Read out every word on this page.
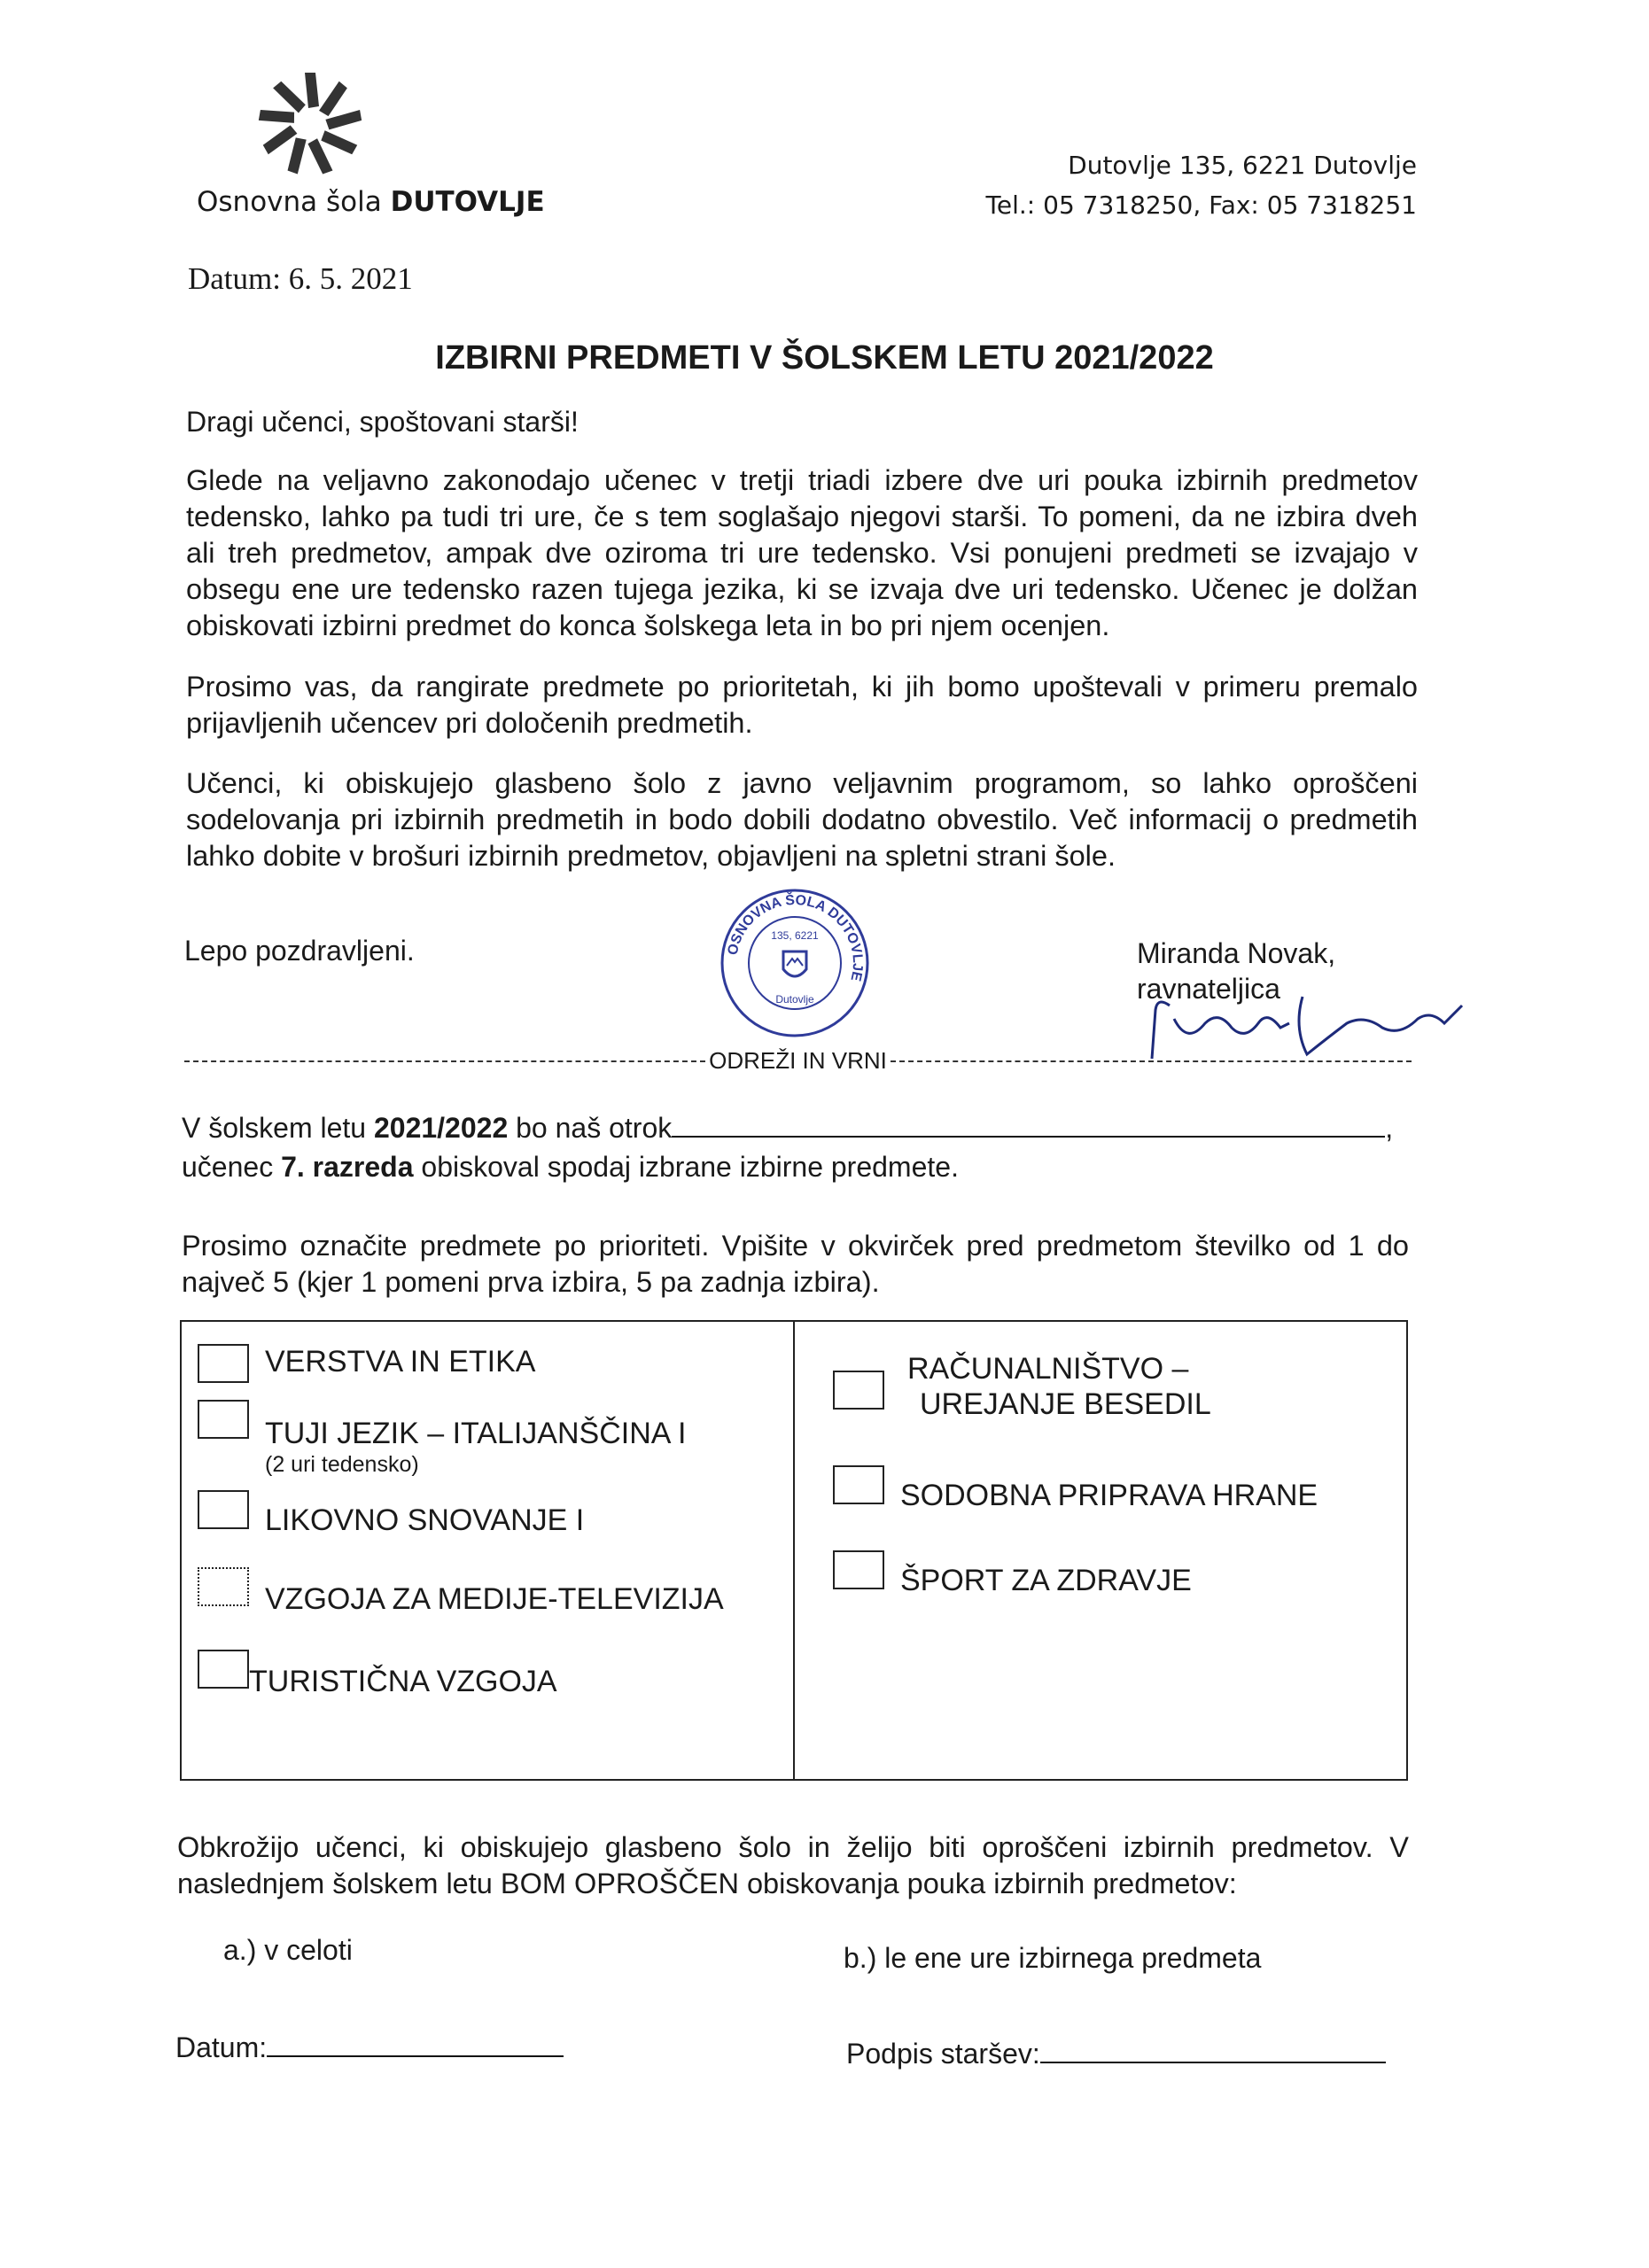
Osnovna šola DUTOVLJE
Dutovlje 135, 6221 Dutovlje
Tel.: 05 7318250, Fax: 05 7318251
Datum: 6. 5. 2021
IZBIRNI PREDMETI V ŠOLSKEM LETU 2021/2022
Dragi učenci, spoštovani starši!
Glede na veljavno zakonodajo učenec v tretji triadi izbere dve uri pouka izbirnih predmetov
tedensko, lahko pa tudi tri ure, če s tem soglašajo njegovi starši. To pomeni, da ne izbira dveh
ali treh predmetov, ampak dve oziroma tri ure tedensko. Vsi ponujeni predmeti se izvajajo v
obsegu ene ure tedensko razen tujega jezika, ki se izvaja dve uri tedensko. Učenec je dolžan
obiskovati izbirni predmet do konca šolskega leta in bo pri njem ocenjen.
Prosimo vas, da rangirate predmete po prioritetah, ki jih bomo upoštevali v primeru premalo
prijavljenih učencev pri določenih predmetih.
Učenci, ki obiskujejo glasbeno šolo z javno veljavnim programom, so lahko oproščeni
sodelovanja pri izbirnih predmetih in bodo dobili dodatno obvestilo. Več informacij o predmetih
lahko dobite v brošuri izbirnih predmetov, objavljeni na spletni strani šole.
Lepo pozdravljeni.	OSNOVNA ŠOLA DUTOVLJE
135, 6221
Dutovlje
Miranda Novak,
ravnateljica
ODREŽI IN VRNI
V šolskem letu 2021/2022 bo naš otrok	,
učenec 7. razreda obiskoval spodaj izbrane izbirne predmete.
Prosimo označite predmete po prioriteti. Vpišite v okvirček pred predmetom številko od 1 do
največ 5 (kjer 1 pomeni prva izbira, 5 pa zadnja izbira).
VERSTVA IN ETIKA
TUJI JEZIK – ITALIJANŠČINA I
(2 uri tedensko)
LIKOVNO SNOVANJE I
VZGOJA ZA MEDIJE-TELEVIZIJA
TURISTIČNA VZGOJA
RAČUNALNIŠTVO –
UREJANJE BESEDIL
SODOBNA PRIPRAVA HRANE
ŠPORT ZA ZDRAVJE
Obkrožijo učenci, ki obiskujejo glasbeno šolo in želijo biti oproščeni izbirnih predmetov. V
naslednjem šolskem letu BOM OPROŠČEN obiskovanja pouka izbirnih predmetov:
a.) v celoti	b.) le ene ure izbirnega predmeta
Datum:	Podpis staršev:
